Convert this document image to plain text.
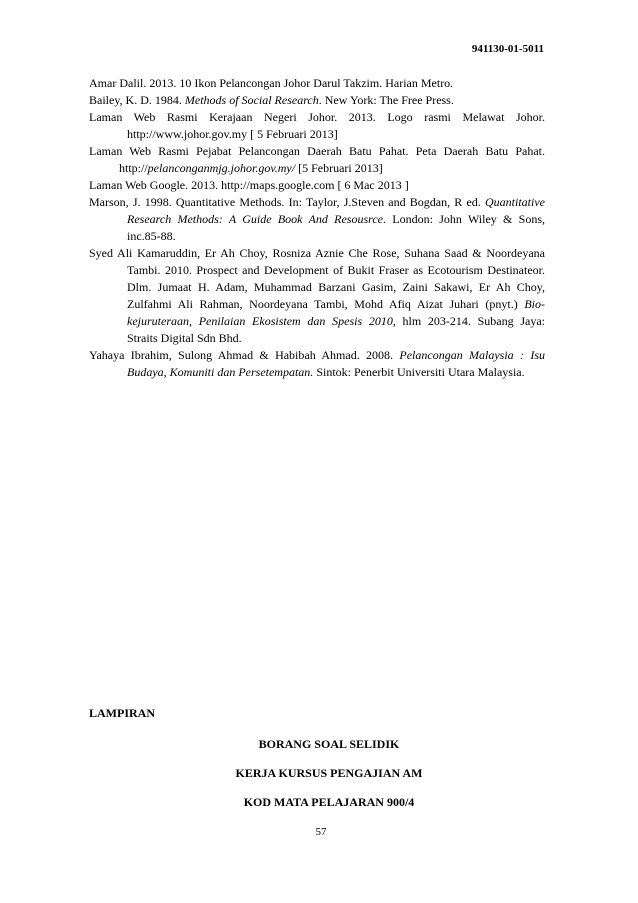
941130-01-5011

Amar Dalil. 2013. 10 Ikon Pelancongan Johor Darul Takzim. Harian Metro.

Bailey, K. D. 1984. Methods of Social Research. New York: The Free Press.

Laman Web Rasmi Kerajaan Negeri Johor. 2013. Logo rasmi Melawat Johor. http://www.johor.gov.my [ 5 Februari 2013]

Laman Web Rasmi Pejabat Pelancongan Daerah Batu Pahat. Peta Daerah Batu Pahat. http://pelanconganmjg.johor.gov.my/ [5 Februari 2013]

Laman Web Google. 2013. http://maps.google.com [ 6 Mac 2013 ]

Marson, J. 1998. Quantitative Methods. In: Taylor, J.Steven and Bogdan, R ed. Quantitative Research Methods: A Guide Book And Resousrce. London: John Wiley & Sons, inc.85-88.

Syed Ali Kamaruddin, Er Ah Choy, Rosniza Aznie Che Rose, Suhana Saad & Noordeyana Tambi. 2010. Prospect and Development of Bukit Fraser as Ecotourism Destinateor. Dlm. Jumaat H. Adam, Muhammad Barzani Gasim, Zaini Sakawi, Er Ah Choy, Zulfahmi Ali Rahman, Noordeyana Tambi, Mohd Afiq Aizat Juhari (pnyt.) Bio-kejuruteraan, Penilaian Ekosistem dan Spesis 2010, hlm 203-214. Subang Jaya: Straits Digital Sdn Bhd.

Yahaya Ibrahim, Sulong Ahmad & Habibah Ahmad. 2008. Pelancongan Malaysia : Isu Budaya, Komuniti dan Persetempatan. Sintok: Penerbit Universiti Utara Malaysia.

LAMPIRAN
BORANG SOAL SELIDIK
KERJA KURSUS PENGAJIAN AM
KOD MATA PELAJARAN 900/4
57
